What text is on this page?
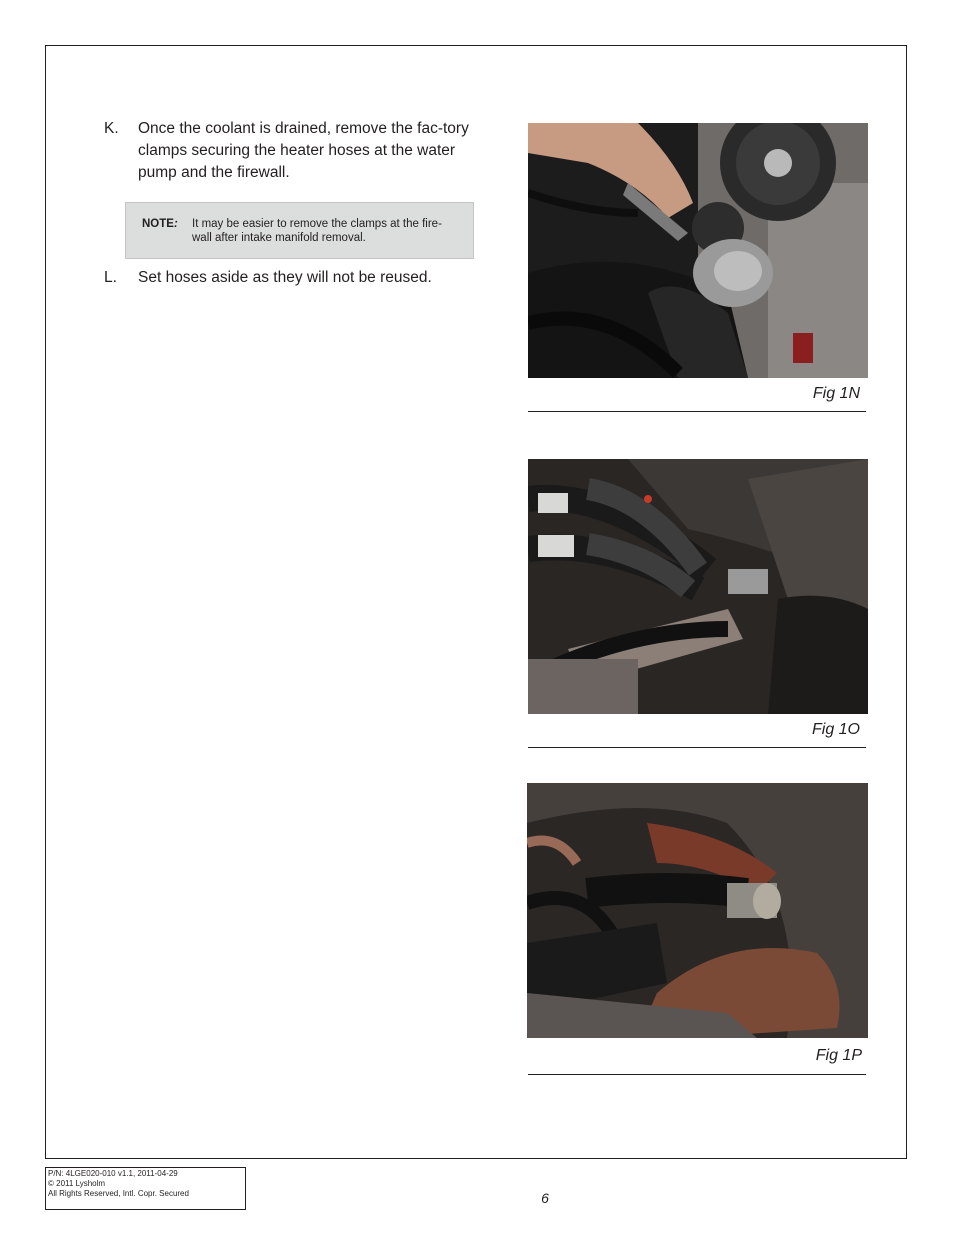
K. Once the coolant is drained, remove the fac-tory clamps securing the heater hoses at the water pump and the firewall.
NOTE: It may be easier to remove the clamps at the fire-wall after intake manifold removal.
L. Set hoses aside as they will not be reused.
Fig 1N
Fig 1O
Fig 1P
P/N: 4LGE020-010 v1.1, 2011-04-29
© 2011 Lysholm
All Rights Reserved, Intl. Copr. Secured	6
